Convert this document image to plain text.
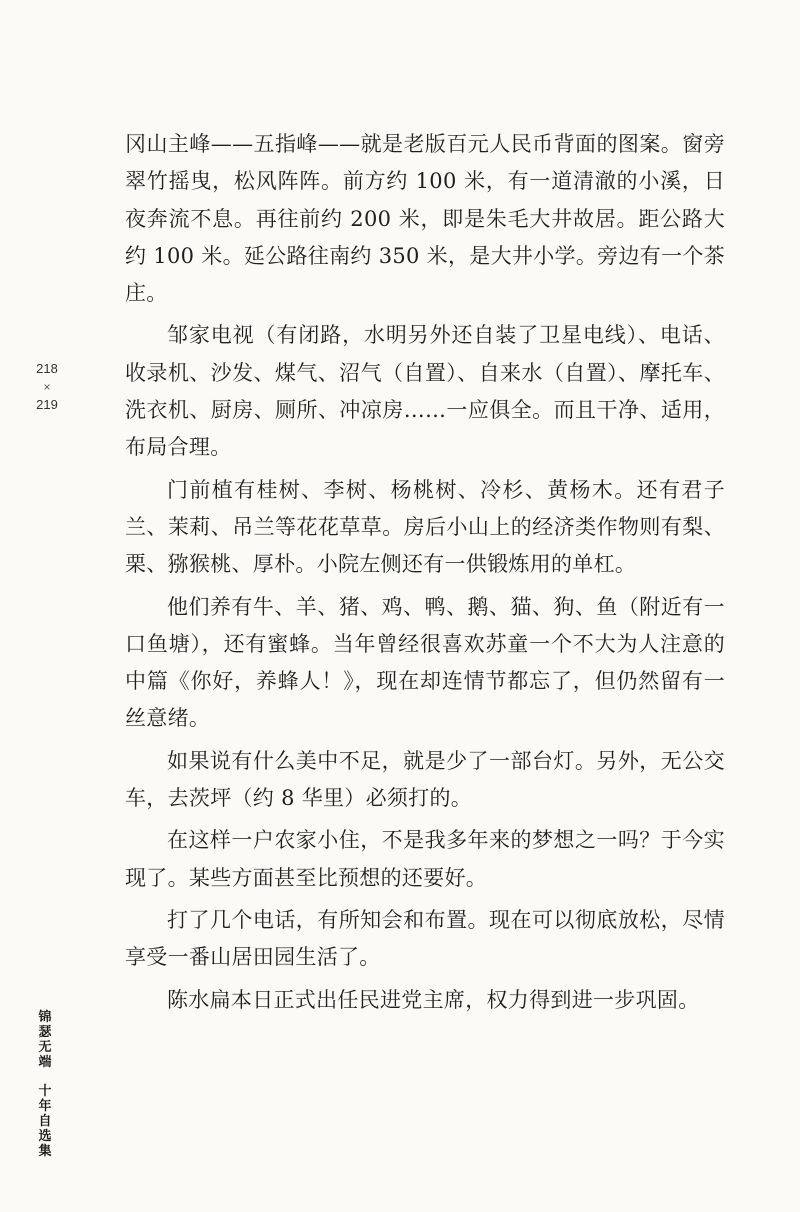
218
×
219

冈山主峰——五指峰——就是老版百元人民币背面的图案。窗旁翠竹摇曳，松风阵阵。前方约 100 米，有一道清澈的小溪，日夜奔流不息。再往前约 200 米，即是朱毛大井故居。距公路大约 100 米。延公路往南约 350 米，是大井小学。旁边有一个茶庄。

邹家电视（有闭路，水明另外还自装了卫星电线）、电话、收录机、沙发、煤气、沼气（自置）、自来水（自置）、摩托车、洗衣机、厨房、厕所、冲凉房……一应俱全。而且干净、适用，布局合理。

门前植有桂树、李树、杨桃树、冷杉、黄杨木。还有君子兰、茉莉、吊兰等花花草草。房后小山上的经济类作物则有梨、栗、猕猴桃、厚朴。小院左侧还有一供锻炼用的单杠。

他们养有牛、羊、猪、鸡、鸭、鹅、猫、狗、鱼（附近有一口鱼塘），还有蜜蜂。当年曾经很喜欢苏童一个不大为人注意的中篇《你好，养蜂人！》，现在却连情节都忘了，但仍然留有一丝意绪。

如果说有什么美中不足，就是少了一部台灯。另外，无公交车，去茨坪（约 8 华里）必须打的。

在这样一户农家小住，不是我多年来的梦想之一吗？于今实现了。某些方面甚至比预想的还要好。

打了几个电话，有所知会和布置。现在可以彻底放松，尽情享受一番山居田园生活了。

陈水扁本日正式出任民进党主席，权力得到进一步巩固。

锦
瑟
无
端
十
年
自
选
集
